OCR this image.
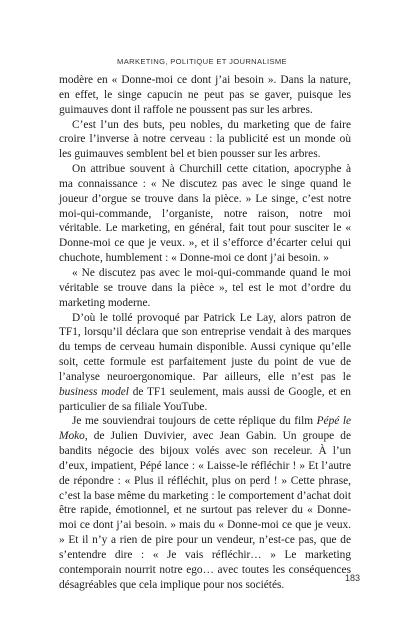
MARKETING, POLITIQUE ET JOURNALISME

modère en « Donne-moi ce dont j’ai besoin ». Dans la nature, en effet, le singe capucin ne peut pas se gaver, puisque les guimauves dont il raffole ne poussent pas sur les arbres.

C’est l’un des buts, peu nobles, du marketing que de faire croire l’inverse à notre cerveau : la publicité est un monde où les guimauves semblent bel et bien pousser sur les arbres.

On attribue souvent à Churchill cette citation, apocryphe à ma connaissance : « Ne discutez pas avec le singe quand le joueur d’orgue se trouve dans la pièce. » Le singe, c’est notre moi-qui-commande, l’organiste, notre raison, notre moi véritable. Le marketing, en général, fait tout pour susciter le « Donne-moi ce que je veux. », et il s’efforce d’écarter celui qui chuchote, humblement : « Donne-moi ce dont j’ai besoin. »

« Ne discutez pas avec le moi-qui-commande quand le moi véritable se trouve dans la pièce », tel est le mot d’ordre du marketing moderne.

D’où le tollé provoqué par Patrick Le Lay, alors patron de TF1, lorsqu’il déclara que son entreprise vendait à des marques du temps de cerveau humain disponible. Aussi cynique qu’elle soit, cette formule est parfaitement juste du point de vue de l’analyse neuroergonomique. Par ailleurs, elle n’est pas le business model de TF1 seulement, mais aussi de Google, et en particulier de sa filiale YouTube.

Je me souviendrai toujours de cette réplique du film Pépé le Moko, de Julien Duvivier, avec Jean Gabin. Un groupe de bandits négocie des bijoux volés avec son receleur. À l’un d’eux, impatient, Pépé lance : « Laisse-le réfléchir ! » Et l’autre de répondre : « Plus il réfléchit, plus on perd ! » Cette phrase, c’est la base même du marketing : le comportement d’achat doit être rapide, émotionnel, et ne surtout pas relever du « Donne-moi ce dont j’ai besoin. » mais du « Donne-moi ce que je veux. » Et il n’y a rien de pire pour un vendeur, n’est-ce pas, que de s’entendre dire : « Je vais réfléchir… » Le marketing contemporain nourrit notre ego… avec toutes les conséquences désagréables que cela implique pour nos sociétés.

183
